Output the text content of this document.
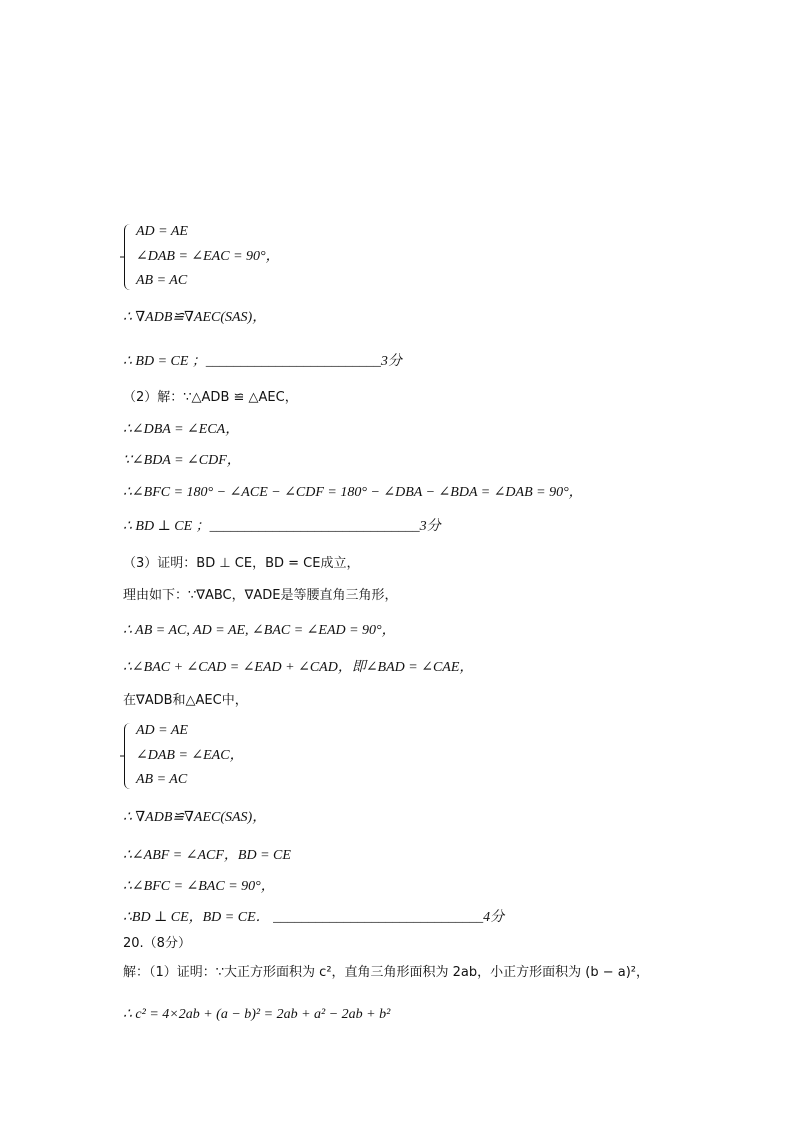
AD = AE
∠DAB = ∠EAC = 90°，
AB = AC
∴ ∇ADB≌∇AEC(SAS)，
∴ BD = CE ；_________________________3分
（2）解：∵△ADB ≌ △AEC，
∴∠DBA = ∠ECA，
∵∠BDA = ∠CDF，
∴∠BFC = 180° − ∠ACE − ∠CDF = 180° − ∠DBA − ∠BDA = ∠DAB = 90°，
∴ BD ⊥ CE ；______________________________3分
（3）证明：BD ⊥ CE，BD = CE成立，
理由如下：∵∇ABC，∇ADE是等腰直角三角形，
∴ AB = AC, AD = AE, ∠BAC = ∠EAD = 90°，
∴∠BAC + ∠CAD = ∠EAD + ∠CAD，即∠BAD = ∠CAE，
在∇ADB和△AEC中，
AD = AE
∠DAB = ∠EAC，
AB = AC
∴ ∇ADB≌∇AEC(SAS)，
∴∠ABF = ∠ACF，BD = CE
∴∠BFC = ∠BAC = 90°，
∴BD ⊥ CE，BD = CE． ______________________________4分
20.（8分）
解：（1）证明：∵大正方形面积为 c²，直角三角形面积为 2ab，小正方形面积为 (b − a)²，
∴ c² = 4×2ab + (a − b)² = 2ab + a² − 2ab + b²
